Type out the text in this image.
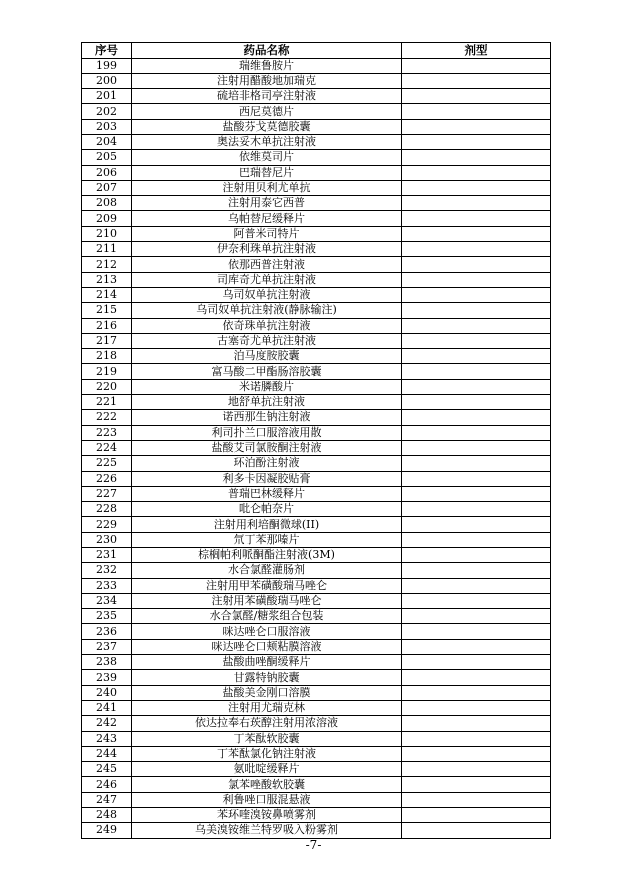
序号	药品名称	剂型
199	瑞维鲁胺片	
200	注射用醋酸地加瑞克	
201	硫培非格司亭注射液	
202	西尼莫德片	
203	盐酸芬戈莫德胶囊	
204	奥法妥木单抗注射液	
205	依维莫司片	
206	巴瑞替尼片	
207	注射用贝利尤单抗	
208	注射用泰它西普	
209	乌帕替尼缓释片	
210	阿普米司特片	
211	伊奈利珠单抗注射液	
212	依那西普注射液	
213	司库奇尤单抗注射液	
214	乌司奴单抗注射液	
215	乌司奴单抗注射液(静脉输注)	
216	依奇珠单抗注射液	
217	古塞奇尤单抗注射液	
218	泊马度胺胶囊	
219	富马酸二甲酯肠溶胶囊	
220	米诺膦酸片	
221	地舒单抗注射液	
222	诺西那生钠注射液	
223	利司扑兰口服溶液用散	
224	盐酸艾司氯胺酮注射液	
225	环泊酚注射液	
226	利多卡因凝胶贴膏	
227	普瑞巴林缓释片	
228	吡仑帕奈片	
229	注射用利培酮微球(II)	
230	氘丁苯那嗪片	
231	棕榈帕利哌酮酯注射液(3M)	
232	水合氯醛灌肠剂	
233	注射用甲苯磺酸瑞马唑仑	
234	注射用苯磺酸瑞马唑仑	
235	水合氯醛/糖浆组合包装	
236	咪达唑仑口服溶液	
237	咪达唑仑口颊粘膜溶液	
238	盐酸曲唑酮缓释片	
239	甘露特钠胶囊	
240	盐酸美金刚口溶膜	
241	注射用尤瑞克林	
242	依达拉奉右莰醇注射用浓溶液	
243	丁苯酞软胶囊	
244	丁苯酞氯化钠注射液	
245	氨吡啶缓释片	
246	氯苯唑酸软胶囊	
247	利鲁唑口服混悬液	
248	苯环喹溴铵鼻喷雾剂	
249	乌美溴铵维兰特罗吸入粉雾剂	
-7-
